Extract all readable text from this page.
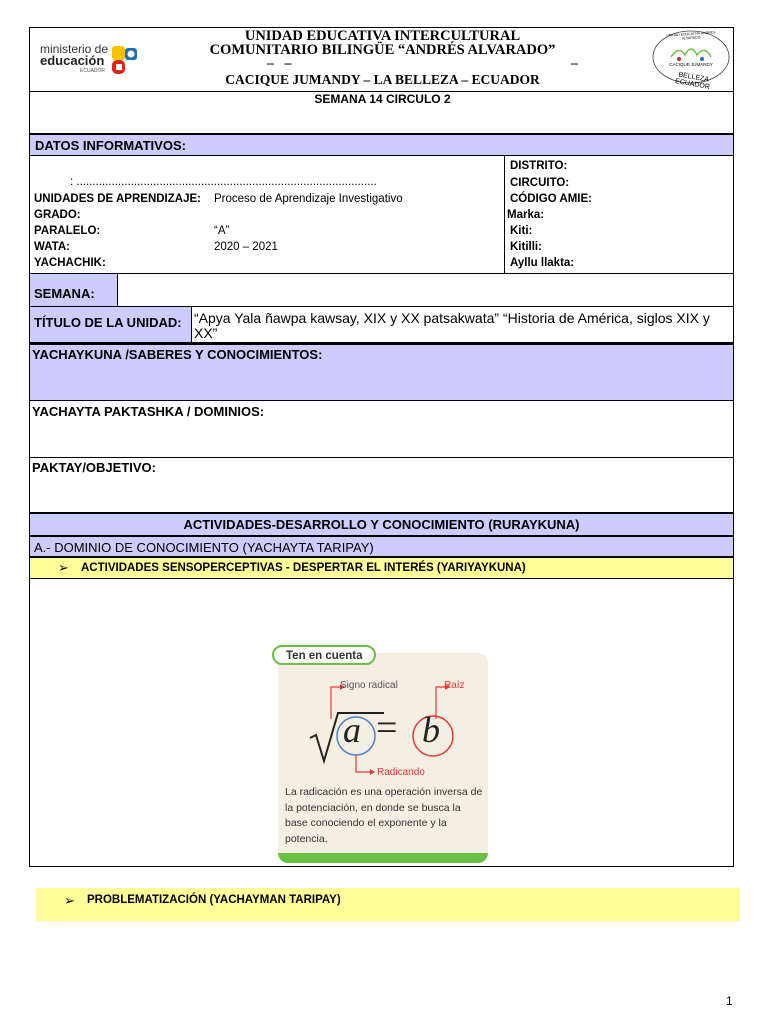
ministerio de
educación
ECUADOR
UNIDAD EDUCATIVA INTERCULTURAL
COMUNITARIO BILINGÜE “ANDRÉS ALVARADO”
–   –	–
CACIQUE JUMANDY – LA BELLEZA – ECUADOR
UNIDAD EDUCATIVA ANDRES ALVARADO
CACIQUE JUMANDY
BELLEZA ECUADOR
SEMANA 14 CIRCULO 2
DATOS INFORMATIVOS:
: ..............................................................................................
UNIDADES DE APRENDIZAJE: Proceso de Aprendizaje Investigativo
GRADO:
PARALELO:	“A”
WATA:	2020 – 2021
YACHACHIK:
DISTRITO:
CIRCUITO:
CÓDIGO AMIE:
Marka:
Kiti:
Kitilli:
Ayllu llakta:
SEMANA:
TÍTULO DE LA UNIDAD: “Apya Yala ñawpa kawsay, XIX y XX patsakwata” “Historia de América, siglos XIX y XX”
YACHAYKUNA /SABERES Y CONOCIMIENTOS:
YACHAYTA PAKTASHKA / DOMINIOS:
PAKTAY/OBJETIVO:
ACTIVIDADES-DESARROLLO Y CONOCIMIENTO (RURAYKUNA)
A.- DOMINIO DE CONOCIMIENTO (YACHAYTA TARIPAY)
➢ ACTIVIDADES SENSOPERCEPTIVAS - DESPERTAR EL INTERÉS (YARIYAYKUNA)
Ten en cuenta
Signo radical	Raíz
a = b
Radicando
La radicación es una operación inversa de la potenciación, en donde se busca la base conociendo el exponente y la potencia.
➢ PROBLEMATIZACIÓN (YACHAYMAN TARIPAY)
1
